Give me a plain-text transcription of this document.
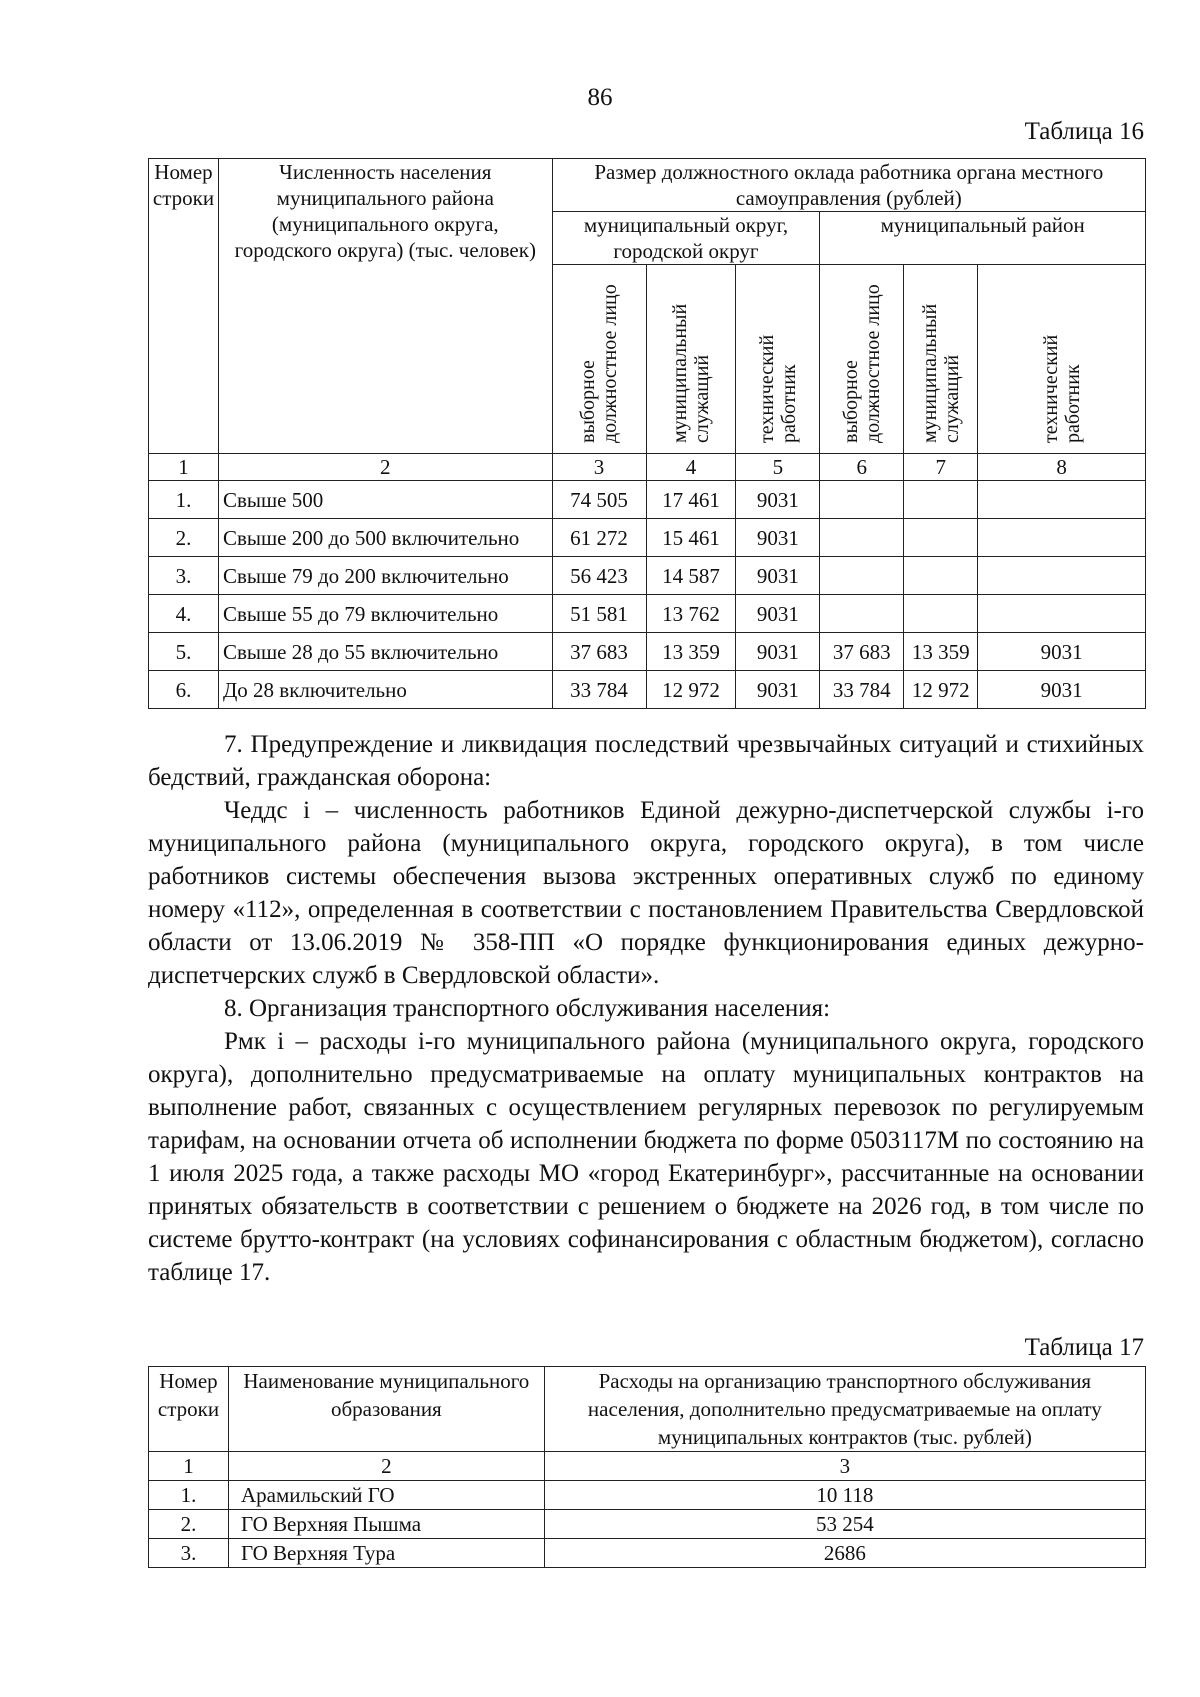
86
Таблица 16
Номер строки	Численность населения муниципального района (муниципального округа, городского округа) (тыс. человек)	Размер должностного оклада работника органа местного самоуправления (рублей)					
		муниципальный округ, городской округ			муниципальный район		
		выборное должностное лицо	муниципальный служащий	технический работник	выборное должностное лицо	муниципальный служащий	технический работник
1	2	3	4	5	6	7	8
1.	Свыше 500	74 505	17 461	9031			
2.	Свыше 200 до 500 включительно	61 272	15 461	9031			
3.	Свыше 79 до 200 включительно	56 423	14 587	9031			
4.	Свыше 55 до 79 включительно	51 581	13 762	9031			
5.	Свыше 28 до 55 включительно	37 683	13 359	9031	37 683	13 359	9031
6.	До 28 включительно	33 784	12 972	9031	33 784	12 972	9031

7. Предупреждение и ликвидация последствий чрезвычайных ситуаций и стихийных бедствий, гражданская оборона:

Чеддс i – численность работников Единой дежурно-диспетчерской службы i-го муниципального района (муниципального округа, городского округа), в том числе работников системы обеспечения вызова экстренных оперативных служб по единому номеру «112», определенная в соответствии с постановлением Правительства Свердловской области от 13.06.2019 № 358-ПП «О порядке функционирования единых дежурно-диспетчерских служб в Свердловской области».

8. Организация транспортного обслуживания населения:

Рмк i – расходы i-го муниципального района (муниципального округа, городского округа), дополнительно предусматриваемые на оплату муниципальных контрактов на выполнение работ, связанных с осуществлением регулярных перевозок по регулируемым тарифам, на основании отчета об исполнении бюджета по форме 0503117М по состоянию на 1 июля 2025 года, а также расходы МО «город Екатеринбург», рассчитанные на основании принятых обязательств в соответствии с решением о бюджете на 2026 год, в том числе по системе брутто-контракт (на условиях софинансирования с областным бюджетом), согласно таблице 17.

Таблица 17
Номер строки	Наименование муниципального образования	Расходы на организацию транспортного обслуживания населения, дополнительно предусматриваемые на оплату муниципальных контрактов (тыс. рублей)
1	2	3
1.	Арамильский ГО	10 118
2.	ГО Верхняя Пышма	53 254
3.	ГО Верхняя Тура	2686
